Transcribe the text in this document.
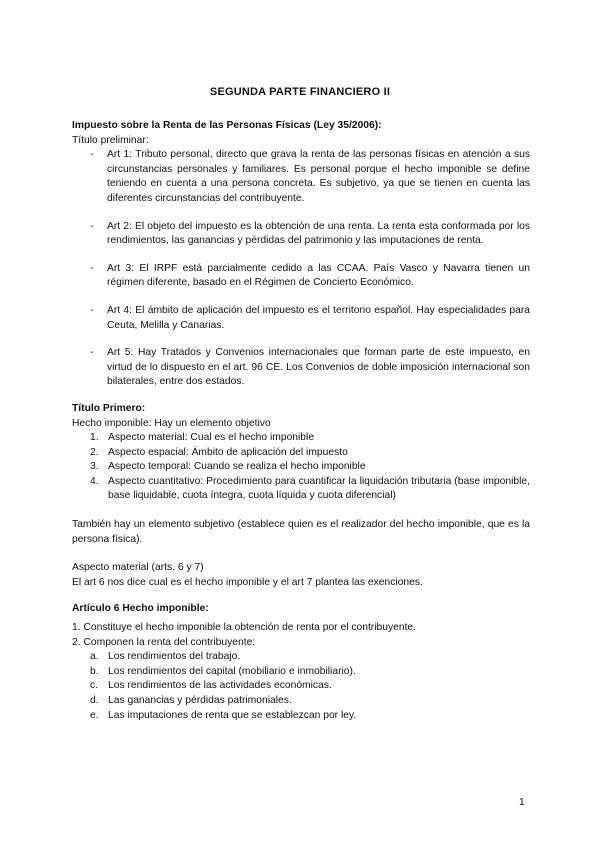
SEGUNDA PARTE FINANCIERO II

Impuesto sobre la Renta de las Personas Físicas (Ley 35/2006):

Título preliminar:

- Art 1: Tributo personal, directo que grava la renta de las personas físicas en atención a sus circunstancias personales y familiares. Es personal porque el hecho imponible se define teniendo en cuenta a una persona concreta. Es subjetivo, ya que se tienen en cuenta las diferentes circunstancias del contribuyente.
- Art 2: El objeto del impuesto es la obtención de una renta. La renta esta conformada por los rendimientos, las ganancias y pérdidas del patrimonio y las imputaciones de renta.
- Art 3: El IRPF está parcialmente cedido a las CCAA. País Vasco y Navarra tienen un régimen diferente, basado en el Régimen de Concierto Económico.
- Art 4: El ámbito de aplicación del impuesto es el territorio español. Hay especialidades para Ceuta, Melilla y Canarias.
- Art 5: Hay Tratados y Convenios internacionales que forman parte de este impuesto, en virtud de lo dispuesto en el art. 96 CE. Los Convenios de doble imposición internacional son bilaterales, entre dos estados.

Título Primero:

Hecho imponible: Hay un elemento objetivo

1. Aspecto material: Cual es el hecho imponible
2. Aspecto espacial: Ámbito de aplicación del impuesto
3. Aspecto temporal: Cuando se realiza el hecho imponible
4. Aspecto cuantitativo: Procedimiento para cuantificar la liquidación tributaria (base imponible, base liquidable, cuota íntegra, cuota líquida y cuota diferencial)

También hay un elemento subjetivo (establece quien es el realizador del hecho imponible, que es la persona física).

Aspecto material (arts. 6 y 7)

El art 6 nos dice cual es el hecho imponible y el art 7 plantea las exenciones.

Artículo 6 Hecho imponible:

1. Constituye el hecho imponible la obtención de renta por el contribuyente.

2. Componen la renta del contribuyente:

a. Los rendimientos del trabajo.
b. Los rendimientos del capital (mobiliario e inmobiliario).
c. Los rendimientos de las actividades económicas.
d. Las ganancias y pérdidas patrimoniales.
e. Las imputaciones de renta que se establezcan por ley.
1
